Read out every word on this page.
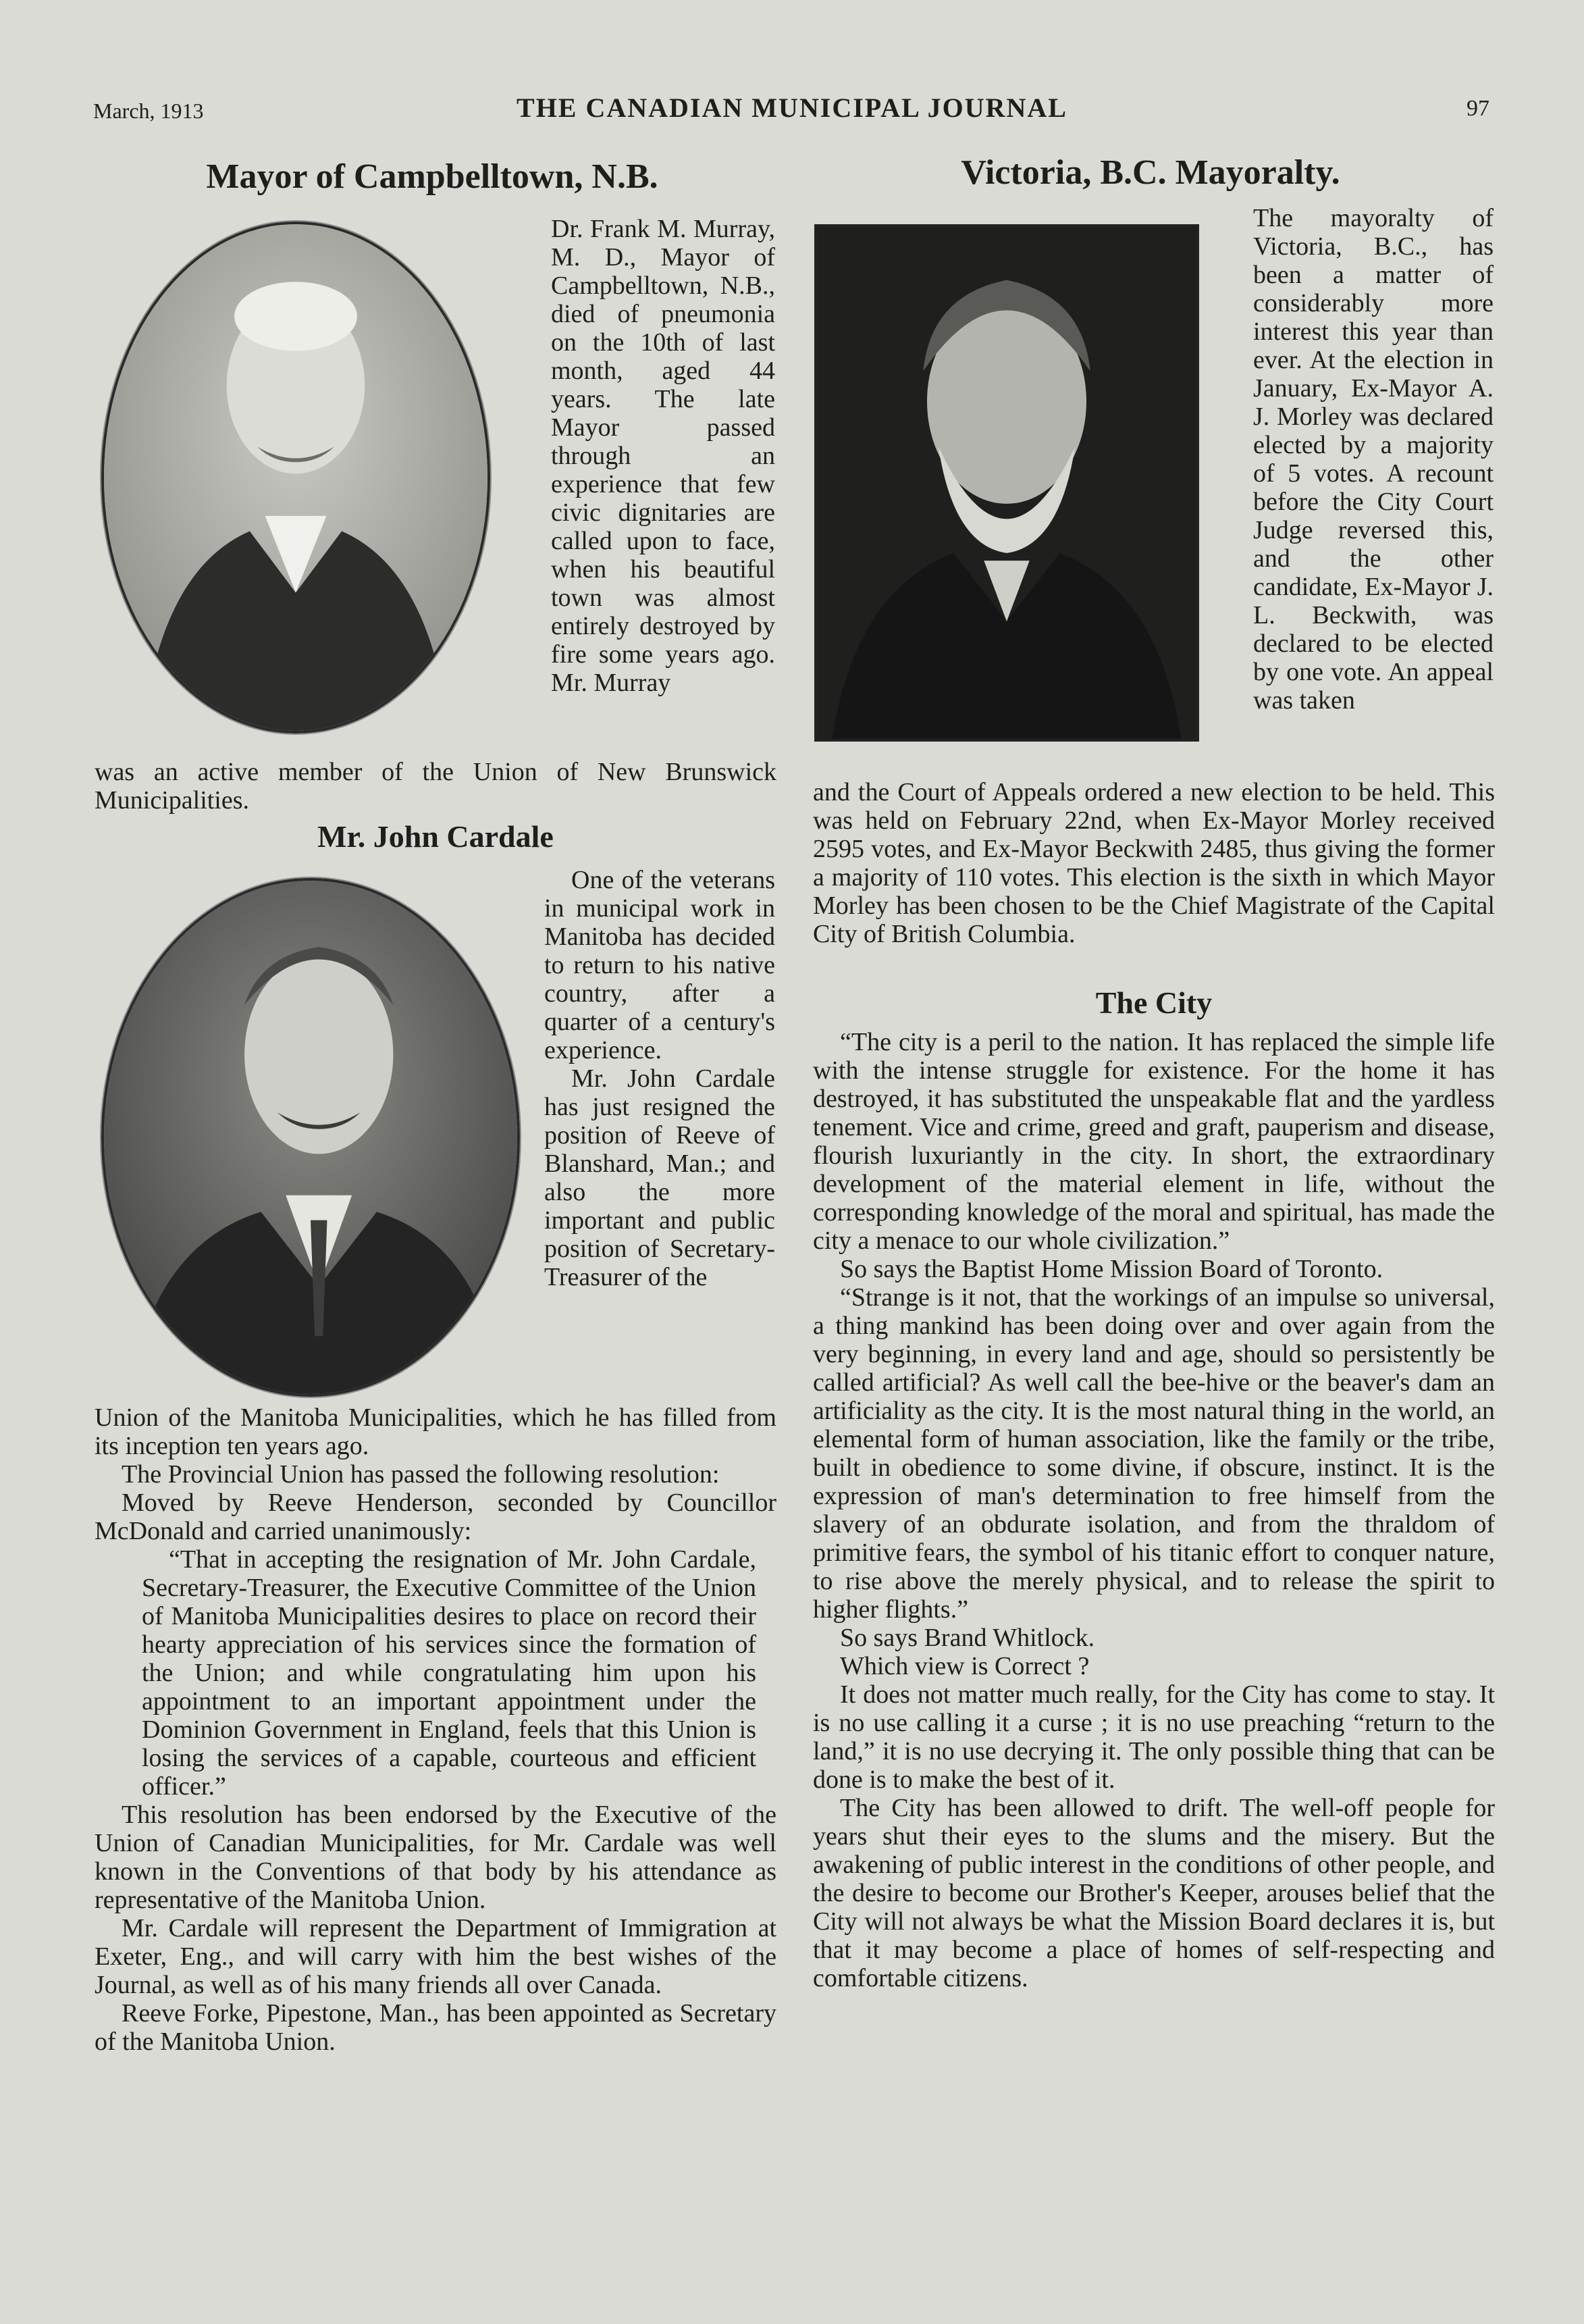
March, 1913	THE CANADIAN MUNICIPAL JOURNAL	97
Mayor of Campbelltown, N.B.
Dr. Frank M. Murray, M. D., Mayor of Campbelltown, N.B., died of pneumonia on the 10th of last month, aged 44 years. The late Mayor passed through an experience that few civic dignitaries are called upon to face, when his beautiful town was almost entirely destroyed by fire some years ago. Mr. Murray

was an active member of the Union of New Brunswick Municipalities.

Mr. John Cardale

One of the veterans in municipal work in Manitoba has decided to return to his native country, after a quarter of a century's experience.

Mr. John Cardale has just resigned the position of Reeve of Blanshard, Man.; and also the more important and public position of Secretary-Treasurer of the

Union of the Manitoba Municipalities, which he has filled from its inception ten years ago.

The Provincial Union has passed the following resolution:

Moved by Reeve Henderson, seconded by Councillor McDonald and carried unanimously:

“That in accepting the resignation of Mr. John Cardale, Secretary-Treasurer, the Executive Committee of the Union of Manitoba Municipalities desires to place on record their hearty appreciation of his services since the formation of the Union; and while congratulating him upon his appointment to an important appointment under the Dominion Government in England, feels that this Union is losing the services of a capable, courteous and efficient officer.”

This resolution has been endorsed by the Executive of the Union of Canadian Municipalities, for Mr. Cardale was well known in the Conventions of that body by his attendance as representative of the Manitoba Union.

Mr. Cardale will represent the Department of Immigration at Exeter, Eng., and will carry with him the best wishes of the Journal, as well as of his many friends all over Canada.

Reeve Forke, Pipestone, Man., has been appointed as Secretary of the Manitoba Union.

Victoria, B.C. Mayoralty.
The mayoralty of Victoria, B.C., has been a matter of considerably more interest this year than ever. At the election in January, Ex-Mayor A. J. Morley was declared elected by a majority of 5 votes. A recount before the City Court Judge reversed this, and the other candidate, Ex-Mayor J. L. Beckwith, was declared to be elected by one vote. An appeal was taken

and the Court of Appeals ordered a new election to be held. This was held on February 22nd, when Ex-Mayor Morley received 2595 votes, and Ex-Mayor Beckwith 2485, thus giving the former a majority of 110 votes. This election is the sixth in which Mayor Morley has been chosen to be the Chief Magistrate of the Capital City of British Columbia.

The City

“The city is a peril to the nation. It has replaced the simple life with the intense struggle for existence. For the home it has destroyed, it has substituted the unspeakable flat and the yardless tenement. Vice and crime, greed and graft, pauperism and disease, flourish luxuriantly in the city. In short, the extraordinary development of the material element in life, without the corresponding knowledge of the moral and spiritual, has made the city a menace to our whole civilization.”

So says the Baptist Home Mission Board of Toronto.

“Strange is it not, that the workings of an impulse so universal, a thing mankind has been doing over and over again from the very beginning, in every land and age, should so persistently be called artificial? As well call the bee-hive or the beaver's dam an artificiality as the city. It is the most natural thing in the world, an elemental form of human association, like the family or the tribe, built in obedience to some divine, if obscure, instinct. It is the expression of man's determination to free himself from the slavery of an obdurate isolation, and from the thraldom of primitive fears, the symbol of his titanic effort to conquer nature, to rise above the merely physical, and to release the spirit to higher flights.”

So says Brand Whitlock.

Which view is Correct ?

It does not matter much really, for the City has come to stay. It is no use calling it a curse ; it is no use preaching “return to the land,” it is no use decrying it. The only possible thing that can be done is to make the best of it.

The City has been allowed to drift. The well-off people for years shut their eyes to the slums and the misery. But the awakening of public interest in the conditions of other people, and the desire to become our Brother's Keeper, arouses belief that the City will not always be what the Mission Board declares it is, but that it may become a place of homes of self-respecting and comfortable citizens.
